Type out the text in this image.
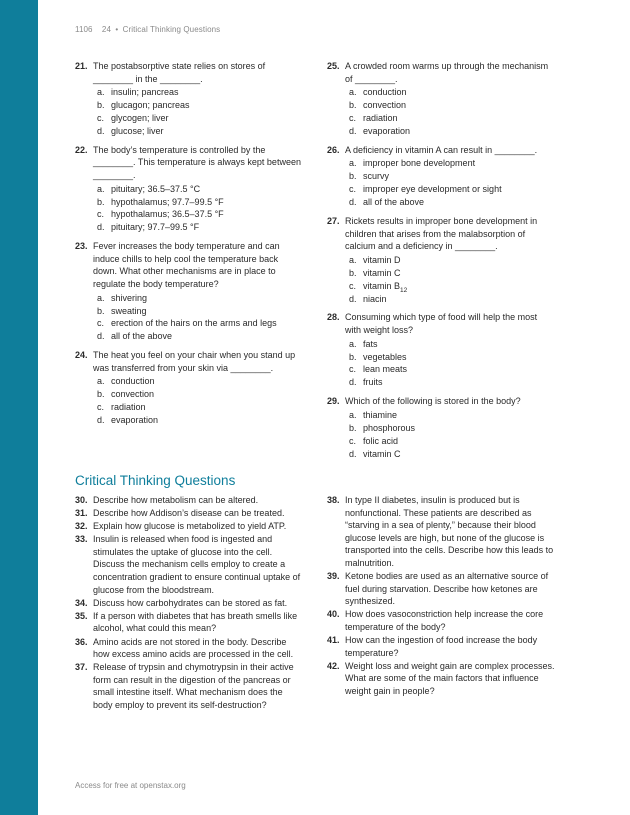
1106 24 • Critical Thinking Questions
21. The postabsorptive state relies on stores of ________ in the ________.
a. insulin; pancreas
b. glucagon; pancreas
c. glycogen; liver
d. glucose; liver
22. The body’s temperature is controlled by the ________. This temperature is always kept between ________.
a. pituitary; 36.5–37.5 °C
b. hypothalamus; 97.7–99.5 °F
c. hypothalamus; 36.5–37.5 °F
d. pituitary; 97.7–99.5 °F
23. Fever increases the body temperature and can induce chills to help cool the temperature back down. What other mechanisms are in place to regulate the body temperature?
a. shivering
b. sweating
c. erection of the hairs on the arms and legs
d. all of the above
24. The heat you feel on your chair when you stand up was transferred from your skin via ________.
a. conduction
b. convection
c. radiation
d. evaporation
25. A crowded room warms up through the mechanism of ________.
a. conduction
b. convection
c. radiation
d. evaporation
26. A deficiency in vitamin A can result in ________.
a. improper bone development
b. scurvy
c. improper eye development or sight
d. all of the above
27. Rickets results in improper bone development in children that arises from the malabsorption of calcium and a deficiency in ________.
a. vitamin D
b. vitamin C
c. vitamin $B_{12}$
d. niacin
28. Consuming which type of food will help the most with weight loss?
a. fats
b. vegetables
c. lean meats
d. fruits
29. Which of the following is stored in the body?
a. thiamine
b. phosphorous
c. folic acid
d. vitamin C
Critical Thinking Questions
30. Describe how metabolism can be altered.
31. Describe how Addison’s disease can be treated.
32. Explain how glucose is metabolized to yield ATP.
33. Insulin is released when food is ingested and stimulates the uptake of glucose into the cell. Discuss the mechanism cells employ to create a concentration gradient to ensure continual uptake of glucose from the bloodstream.
34. Discuss how carbohydrates can be stored as fat.
35. If a person with diabetes that has breath smells like alcohol, what could this mean?
36. Amino acids are not stored in the body. Describe how excess amino acids are processed in the cell.
37. Release of trypsin and chymotrypsin in their active form can result in the digestion of the pancreas or small intestine itself. What mechanism does the body employ to prevent its self-destruction?
38. In type II diabetes, insulin is produced but is nonfunctional. These patients are described as “starving in a sea of plenty,” because their blood glucose levels are high, but none of the glucose is transported into the cells. Describe how this leads to malnutrition.
39. Ketone bodies are used as an alternative source of fuel during starvation. Describe how ketones are synthesized.
40. How does vasoconstriction help increase the core temperature of the body?
41. How can the ingestion of food increase the body temperature?
42. Weight loss and weight gain are complex processes. What are some of the main factors that influence weight gain in people?
Access for free at openstax.org
